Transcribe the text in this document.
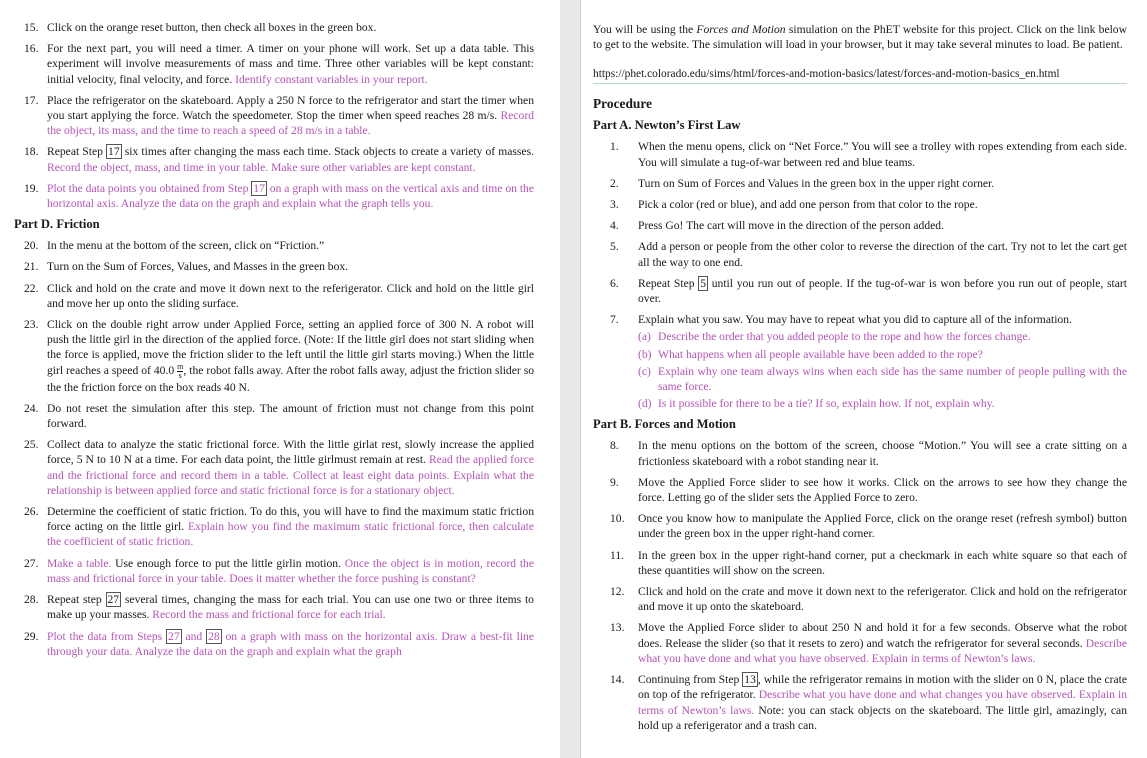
15. Click on the orange reset button, then check all boxes in the green box.
16. For the next part, you will need a timer. A timer on your phone will work. Set up a data table. This experiment will involve measurements of mass and time. Three other variables will be kept constant: initial velocity, final velocity, and force. Identify constant variables in your report.
17. Place the refrigerator on the skateboard. Apply a 250 N force to the refrigerator and start the timer when you start applying the force. Watch the speedometer. Stop the timer when speed reaches 28 m/s. Record the object, its mass, and the time to reach a speed of 28 m/s in a table.
18. Repeat Step 17 six times after changing the mass each time. Stack objects to create a variety of masses. Record the object, mass, and time in your table. Make sure other variables are kept constant.
19. Plot the data points you obtained from Step 17 on a graph with mass on the vertical axis and time on the horizontal axis. Analyze the data on the graph and explain what the graph tells you.
Part D. Friction
20. In the menu at the bottom of the screen, click on “Friction.”
21. Turn on the Sum of Forces, Values, and Masses in the green box.
22. Click and hold on the crate and move it down next to the referigerator. Click and hold on the little girl and move her up onto the sliding surface.
23. Click on the double right arrow under Applied Force, setting an applied force of 300 N. A robot will push the little girl in the direction of the applied force. (Note: If the little girl does not start sliding when the force is applied, move the friction slider to the left until the little girl starts moving.) When the little girl reaches a speed of $40.0 \frac{m}{s}$ , the robot falls away. After the robot falls away, adjust the friction slider so the the friction force on the box reads 40 N.
24. Do not reset the simulation after this step. The amount of friction must not change from this point forward.
25. Collect data to analyze the static frictional force. With the little girlat rest, slowly increase the applied force, 5 N to 10 N at a time. For each data point, the little girlmust remain at rest. Read the applied force and the frictional force and record them in a table. Collect at least eight data points. Explain what the relationship is between applied force and static frictional force is for a stationary object.
26. Determine the coefficient of static friction. To do this, you will have to find the maximum static friction force acting on the little girl. Explain how you find the maximum static frictional force, then calculate the coefficient of static friction.
27. Make a table. Use enough force to put the little girlin motion. Once the object is in motion, record the mass and frictional force in your table. Does it matter whether the force pushing is constant?
28. Repeat step 27 several times, changing the mass for each trial. You can use one two or three items to make up your masses. Record the mass and frictional force for each trial.
29. Plot the data from Steps 27 and 28 on a graph with mass on the horizontal axis. Draw a best-fit line through your data. Analyze the data on the graph and explain what the graph

You will be using the Forces and Motion simulation on the PhET website for this project. Click on the link below to get to the website. The simulation will load in your browser, but it may take several minutes to load. Be patient.

https://phet.colorado.edu/sims/html/forces-and-motion-basics/latest/forces-and-motion-basics_en.html
Procedure
Part A. Newton’s First Law
1. When the menu opens, click on “Net Force.” You will see a trolley with ropes extending from each side. You will simulate a tug-of-war between red and blue teams.
2. Turn on Sum of Forces and Values in the green box in the upper right corner.
3. Pick a color (red or blue), and add one person from that color to the rope.
4. Press Go! The cart will move in the direction of the person added.
5. Add a person or people from the other color to reverse the direction of the cart. Try not to let the cart get all the way to one end.
6. Repeat Step 5 until you run out of people. If the tug-of-war is won before you run out of people, start over.
7. Explain what you saw. You may have to repeat what you did to capture all of the information.
(a) Describe the order that you added people to the rope and how the forces change.
(b) What happens when all people available have been added to the rope?
(c) Explain why one team always wins when each side has the same number of people pulling with the same force.
(d) Is it possible for there to be a tie? If so, explain how. If not, explain why.
Part B. Forces and Motion
8. In the menu options on the bottom of the screen, choose “Motion.” You will see a crate sitting on a frictionless skateboard with a robot standing near it.
9. Move the Applied Force slider to see how it works. Click on the arrows to see how they change the force. Letting go of the slider sets the Applied Force to zero.
10. Once you know how to manipulate the Applied Force, click on the orange reset (refresh symbol) button under the green box in the upper right-hand corner.
11. In the green box in the upper right-hand corner, put a checkmark in each white square so that each of these quantities will show on the screen.
12. Click and hold on the crate and move it down next to the referigerator. Click and hold on the refrigerator and move it up onto the skateboard.
13. Move the Applied Force slider to about 250 N and hold it for a few seconds. Observe what the robot does. Release the slider (so that it resets to zero) and watch the refrigerator for several seconds. Describe what you have done and what you have observed. Explain in terms of Newton’s laws.
14. Continuing from Step 13 , while the refrigerator remains in motion with the slider on 0 N, place the crate on top of the refrigerator. Describe what you have done and what changes you have observed. Explain in terms of Newton’s laws. Note: you can stack objects on the skateboard. The little girl, amazingly, can hold up a referigerator and a trash can.
